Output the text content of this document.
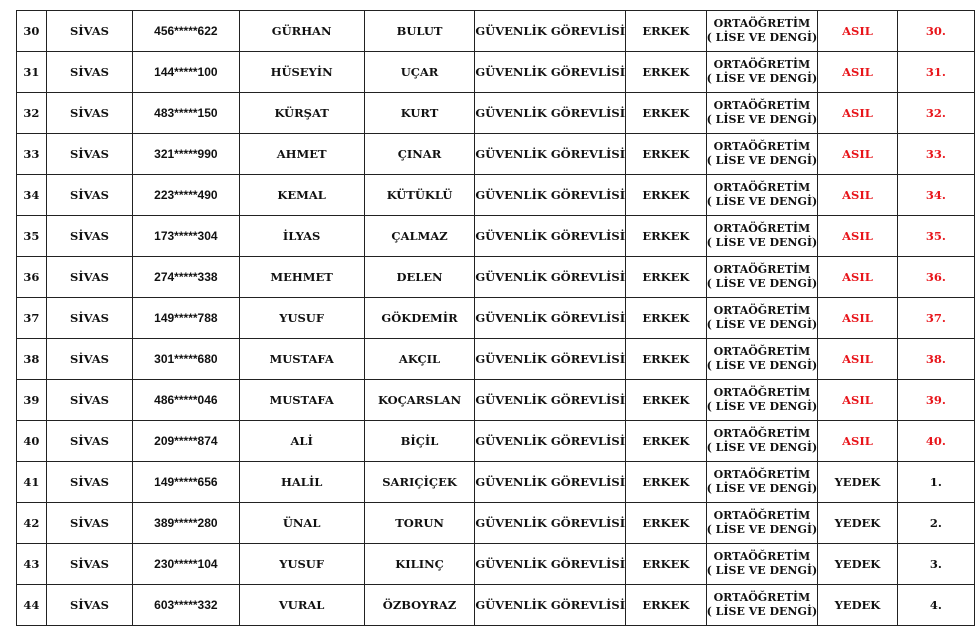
30	SİVAS	456*****622	GÜRHAN	BULUT	GÜVENLİK GÖREVLİSİ	ERKEK	ORTAÖĞRETİM
( LİSE VE DENGİ)	ASIL	30.
31	SİVAS	144*****100	HÜSEYİN	UÇAR	GÜVENLİK GÖREVLİSİ	ERKEK	ORTAÖĞRETİM
( LİSE VE DENGİ)	ASIL	31.
32	SİVAS	483*****150	KÜRŞAT	KURT	GÜVENLİK GÖREVLİSİ	ERKEK	ORTAÖĞRETİM
( LİSE VE DENGİ)	ASIL	32.
33	SİVAS	321*****990	AHMET	ÇINAR	GÜVENLİK GÖREVLİSİ	ERKEK	ORTAÖĞRETİM
( LİSE VE DENGİ)	ASIL	33.
34	SİVAS	223*****490	KEMAL	KÜTÜKLÜ	GÜVENLİK GÖREVLİSİ	ERKEK	ORTAÖĞRETİM
( LİSE VE DENGİ)	ASIL	34.
35	SİVAS	173*****304	İLYAS	ÇALMAZ	GÜVENLİK GÖREVLİSİ	ERKEK	ORTAÖĞRETİM
( LİSE VE DENGİ)	ASIL	35.
36	SİVAS	274*****338	MEHMET	DELEN	GÜVENLİK GÖREVLİSİ	ERKEK	ORTAÖĞRETİM
( LİSE VE DENGİ)	ASIL	36.
37	SİVAS	149*****788	YUSUF	GÖKDEMİR	GÜVENLİK GÖREVLİSİ	ERKEK	ORTAÖĞRETİM
( LİSE VE DENGİ)	ASIL	37.
38	SİVAS	301*****680	MUSTAFA	AKÇIL	GÜVENLİK GÖREVLİSİ	ERKEK	ORTAÖĞRETİM
( LİSE VE DENGİ)	ASIL	38.
39	SİVAS	486*****046	MUSTAFA	KOÇARSLAN	GÜVENLİK GÖREVLİSİ	ERKEK	ORTAÖĞRETİM
( LİSE VE DENGİ)	ASIL	39.
40	SİVAS	209*****874	ALİ	BİÇİL	GÜVENLİK GÖREVLİSİ	ERKEK	ORTAÖĞRETİM
( LİSE VE DENGİ)	ASIL	40.
41	SİVAS	149*****656	HALİL	SARIÇİÇEK	GÜVENLİK GÖREVLİSİ	ERKEK	ORTAÖĞRETİM
( LİSE VE DENGİ)	YEDEK	1.
42	SİVAS	389*****280	ÜNAL	TORUN	GÜVENLİK GÖREVLİSİ	ERKEK	ORTAÖĞRETİM
( LİSE VE DENGİ)	YEDEK	2.
43	SİVAS	230*****104	YUSUF	KILINÇ	GÜVENLİK GÖREVLİSİ	ERKEK	ORTAÖĞRETİM
( LİSE VE DENGİ)	YEDEK	3.
44	SİVAS	603*****332	VURAL	ÖZBOYRAZ	GÜVENLİK GÖREVLİSİ	ERKEK	ORTAÖĞRETİM
( LİSE VE DENGİ)	YEDEK	4.
